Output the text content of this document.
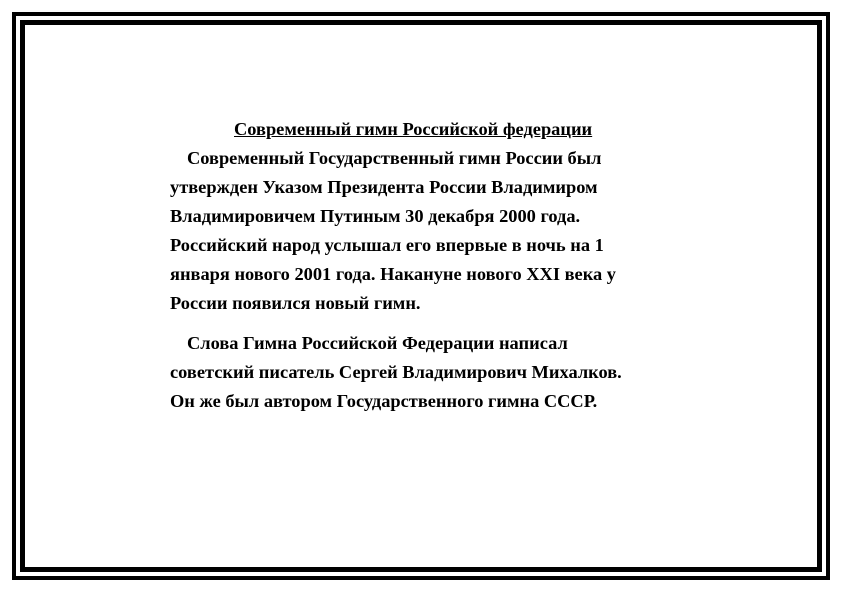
Современный гимн Российской федерации

Современный Государственный гимн России был
утвержден Указом Президента России Владимиром
Владимировичем Путиным 30 декабря 2000 года.
Российский народ услышал его впервые в ночь на 1
января нового 2001 года. Накануне нового XXI века у
России появился новый гимн.

Слова Гимна Российской Федерации написал
советский писатель Сергей Владимирович Михалков.
Он же был автором Государственного гимна СССР.
